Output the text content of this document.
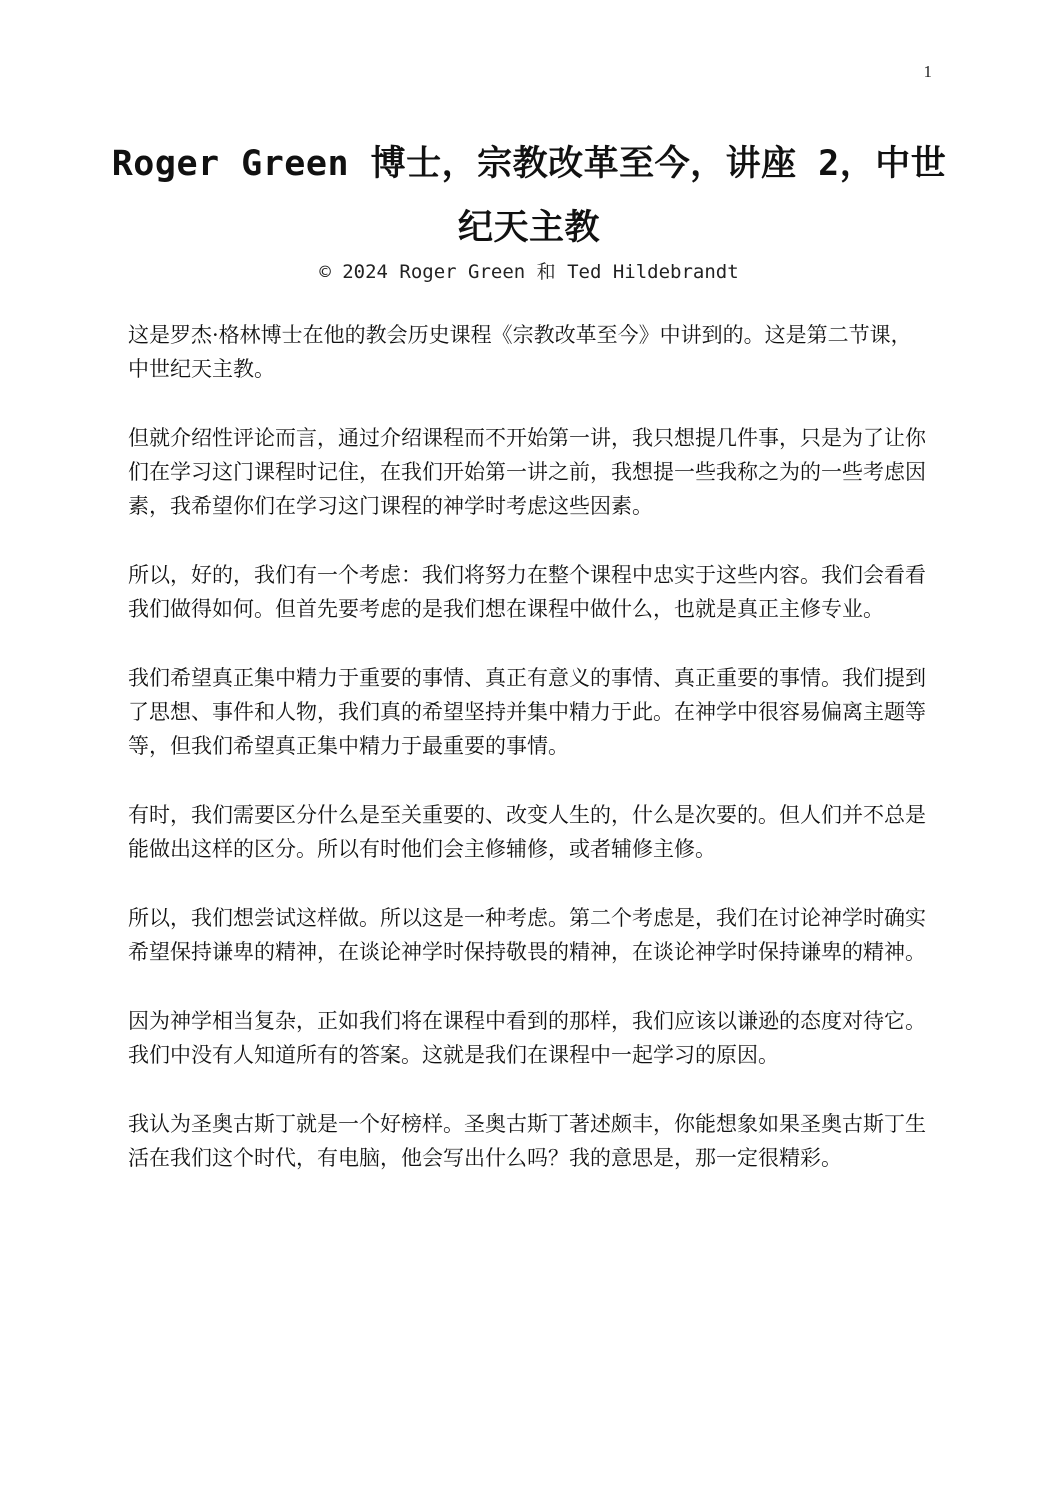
1
Roger Green 博士，宗教改革至今，讲座 2，中世纪天主教
© 2024 Roger Green 和 Ted Hildebrandt

这是罗杰·格林博士在他的教会历史课程《宗教改革至今》中讲到的。这是第二节课，中世纪天主教。

但就介绍性评论而言，通过介绍课程而不开始第一讲，我只想提几件事，只是为了让你们在学习这门课程时记住，在我们开始第一讲之前，我想提一些我称之为的一些考虑因素，我希望你们在学习这门课程的神学时考虑这些因素。

所以，好的，我们有一个考虑：我们将努力在整个课程中忠实于这些内容。我们会看看我们做得如何。但首先要考虑的是我们想在课程中做什么，也就是真正主修专业。

我们希望真正集中精力于重要的事情、真正有意义的事情、真正重要的事情。我们提到了思想、事件和人物，我们真的希望坚持并集中精力于此。在神学中很容易偏离主题等等，但我们希望真正集中精力于最重要的事情。

有时，我们需要区分什么是至关重要的、改变人生的，什么是次要的。但人们并不总是能做出这样的区分。所以有时他们会主修辅修，或者辅修主修。

所以，我们想尝试这样做。所以这是一种考虑。第二个考虑是，我们在讨论神学时确实希望保持谦卑的精神，在谈论神学时保持敬畏的精神，在谈论神学时保持谦卑的精神。

因为神学相当复杂，正如我们将在课程中看到的那样，我们应该以谦逊的态度对待它。我们中没有人知道所有的答案。这就是我们在课程中一起学习的原因。

我认为圣奥古斯丁就是一个好榜样。圣奥古斯丁著述颇丰，你能想象如果圣奥古斯丁生活在我们这个时代，有电脑，他会写出什么吗？我的意思是，那一定很精彩。
